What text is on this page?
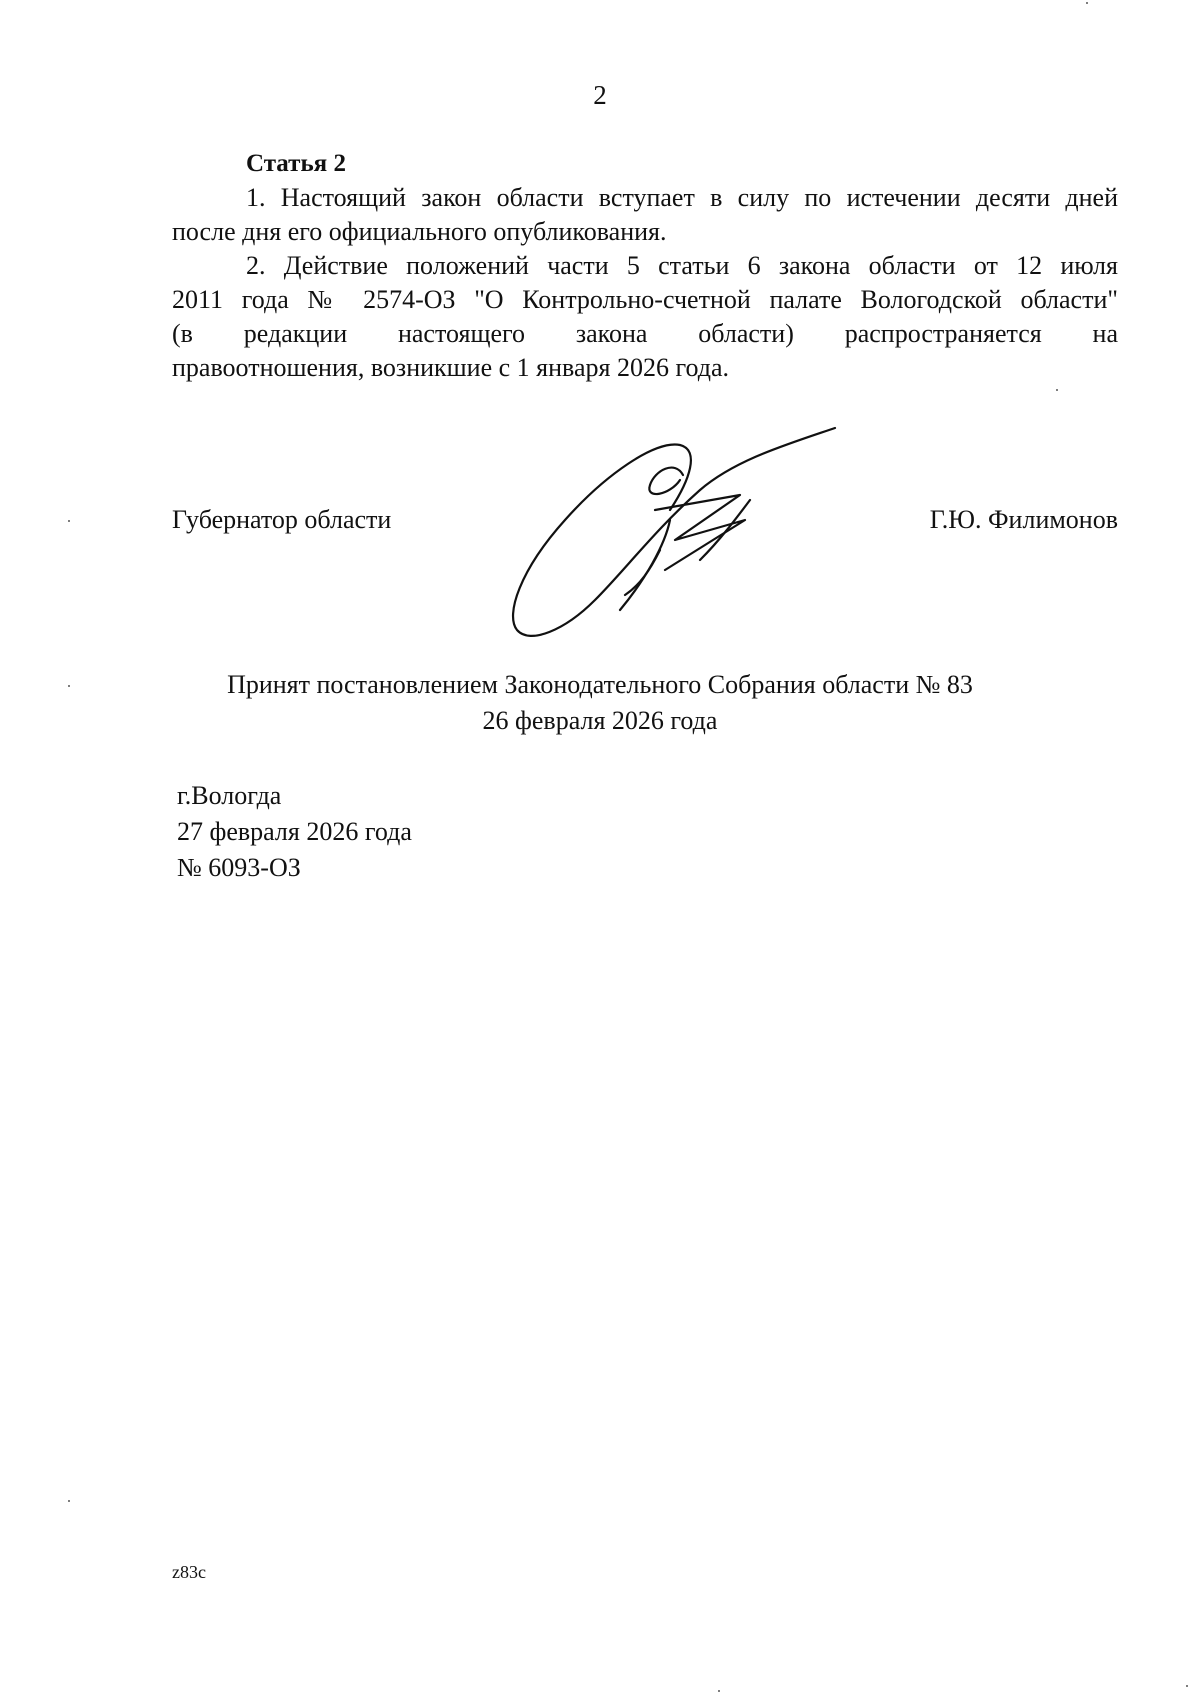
2
Статья 2

1. Настоящий закон области вступает в силу по истечении десяти дней
после дня его официального опубликования.

2. Действие положений части 5 статьи 6 закона области от 12 июля
2011 года № 2574-ОЗ "О Контрольно-счетной палате Вологодской области"
(в редакции настоящего закона области) распространяется на
правоотношения, возникшие с 1 января 2026 года.

Губернатор области	Г.Ю. Филимонов
Принят постановлением Законодательного Собрания области № 83
26 февраля 2026 года
г.Вологда
27 февраля 2026 года
№ 6093-ОЗ
z83c
